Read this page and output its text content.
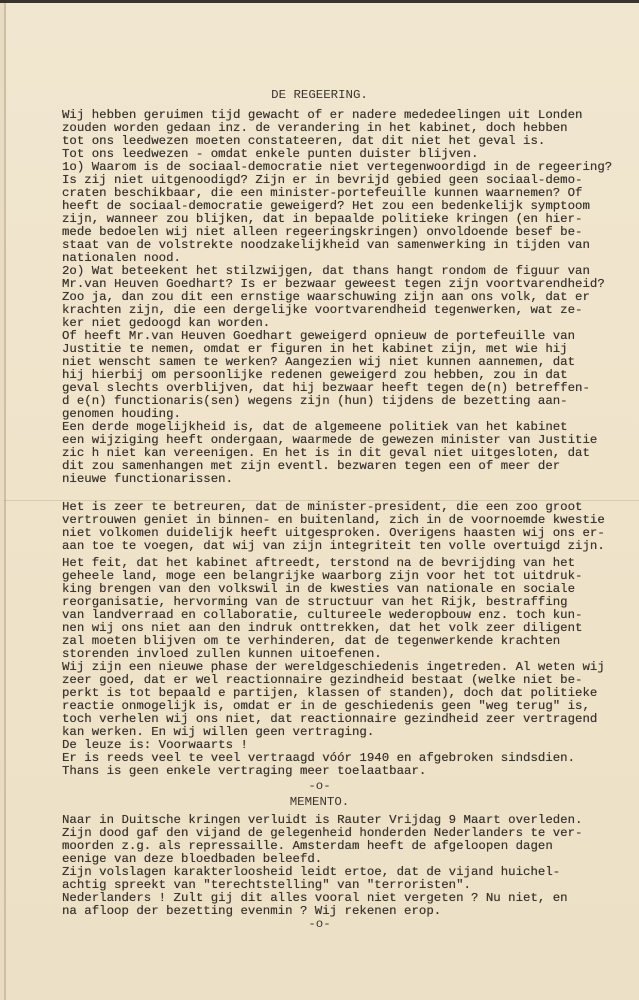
DE REGEERING.
Wij hebben geruimen tijd gewacht of er nadere mededeelingen uit Londen
zouden worden gedaan inz. de verandering in het kabinet, doch hebben
tot ons leedwezen moeten constateeren, dat dit niet het geval is.
Tot ons leedwezen - omdat enkele punten duister blijven.
1o) Waarom is de sociaal-democratie niet vertegenwoordigd in de regeering?
Is zij niet uitgenoodigd? Zijn er in bevrijd gebied geen sociaal-demo-
craten beschikbaar, die een minister-portefeuille kunnen waarnemen? Of
heeft de sociaal-democratie geweigerd? Het zou een bedenkelijk symptoom
zijn, wanneer zou blijken, dat in bepaalde politieke kringen (en hier-
mede bedoelen wij niet alleen regeeringskringen) onvoldoende besef be-
staat van de volstrekte noodzakelijkheid van samenwerking in tijden van
nationalen nood.
2o) Wat beteekent het stilzwijgen, dat thans hangt rondom de figuur van
Mr.van Heuven Goedhart? Is er bezwaar geweest tegen zijn voortvarendheid?
Zoo ja, dan zou dit een ernstige waarschuwing zijn aan ons volk, dat er
krachten zijn, die een dergelijke voortvarendheid tegenwerken, wat ze-
ker niet gedoogd kan worden.
Of heeft Mr.van Heuven Goedhart geweigerd opnieuw de portefeuille van
Justitie te nemen, omdat er figuren in het kabinet zijn, met wie hij
niet wenscht samen te werken? Aangezien wij niet kunnen aannemen, dat
hij hierbij om persoonlijke redenen geweigerd zou hebben, zou in dat
geval slechts overblijven, dat hij bezwaar heeft tegen de(n) betreffen-
d e(n) functionaris(sen) wegens zijn (hun) tijdens de bezetting aan-
genomen houding.
Een derde mogelijkheid is, dat de algemeene politiek van het kabinet
een wijziging heeft ondergaan, waarmede de gewezen minister van Justitie
zic h niet kan vereenigen. En het is in dit geval niet uitgesloten, dat
dit zou samenhangen met zijn eventl. bezwaren tegen een of meer der
nieuwe functionarissen.
Het is zeer te betreuren, dat de minister-president, die een zoo groot
vertrouwen geniet in binnen- en buitenland, zich in de voornoemde kwestie
niet volkomen duidelijk heeft uitgesproken. Overigens haasten wij ons er-
aan toe te voegen, dat wij van zijn integriteit ten volle overtuigd zijn.
Het feit, dat het kabinet aftreedt, terstond na de bevrijding van het
geheele land, moge een belangrijke waarborg zijn voor het tot uitdruk-
king brengen van den volkswil in de kwesties van nationale en sociale
reorganisatie, hervorming van de structuur van het Rijk, bestraffing
van landverraad en collaboratie, cultureele wederopbouw enz. toch kun-
nen wij ons niet aan den indruk onttrekken, dat het volk zeer diligent
zal moeten blijven om te verhinderen, dat de tegenwerkende krachten
storenden invloed zullen kunnen uitoefenen.
Wij zijn een nieuwe phase der wereldgeschiedenis ingetreden. Al weten wij
zeer goed, dat er wel reactionnaire gezindheid bestaat (welke niet be-
perkt is tot bepaald e partijen, klassen of standen), doch dat politieke
reactie onmogelijk is, omdat er in de geschiedenis geen "weg terug" is,
toch verhelen wij ons niet, dat reactionnaire gezindheid zeer vertragend
kan werken. En wij willen geen vertraging.
De leuze is: Voorwaarts !
Er is reeds veel te veel vertraagd vóór 1940 en afgebroken sindsdien.
Thans is geen enkele vertraging meer toelaatbaar.
-o-
MEMENTO.
Naar in Duitsche kringen verluidt is Rauter Vrijdag 9 Maart overleden.
Zijn dood gaf den vijand de gelegenheid honderden Nederlanders te ver-
moorden z.g. als repressaille. Amsterdam heeft de afgeloopen dagen
eenige van deze bloedbaden beleefd.
Zijn volslagen karakterloosheid leidt ertoe, dat de vijand huichel-
achtig spreekt van "terechtstelling" van "terroristen".
Nederlanders ! Zult gij dit alles vooral niet vergeten ? Nu niet, en
na afloop der bezetting evenmin ? Wij rekenen erop.
-o-
